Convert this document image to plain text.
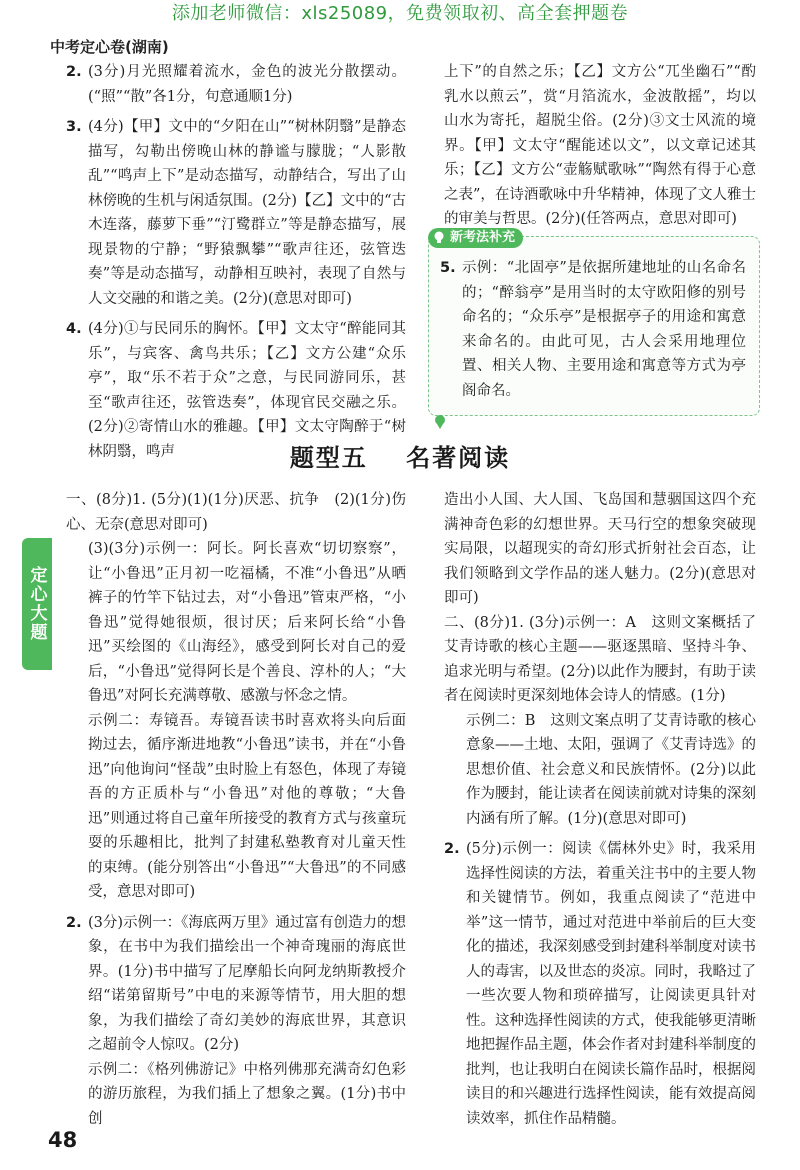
添加老师微信：xls25089，免费领取初、高全套押题卷
中考定心卷(湖南)
定心大题
2. (3分)月光照耀着流水，金色的波光分散摆动。(“照”“散”各1分，句意通顺1分)

3. (4分)【甲】文中的“夕阳在山”“树林阴翳”是静态描写，勾勒出傍晚山林的静谧与朦胧；“人影散乱”“鸣声上下”是动态描写，动静结合，写出了山林傍晚的生机与闲适氛围。(2分)【乙】文中的“古木连落，藤萝下垂”“汀鹭群立”等是静态描写，展现景物的宁静；“野猿飘攀”“歌声往还，弦管迭奏”等是动态描写，动静相互映衬，表现了自然与人文交融的和谐之美。(2分)(意思对即可)

4. (4分)①与民同乐的胸怀。【甲】文太守“醉能同其乐”，与宾客、禽鸟共乐；【乙】文方公建“众乐亭”，取“乐不若于众”之意，与民同游同乐，甚至“歌声往还，弦管迭奏”，体现官民交融之乐。(2分)②寄情山水的雅趣。【甲】文太守陶醉于“树林阴翳，鸣声

上下”的自然之乐；【乙】文方公“兀坐幽石”“酌乳水以煎云”，赏“月箔流水，金波散摇”，均以山水为寄托，超脱尘俗。(2分)③文士风流的境界。【甲】文太守“醒能述以文”，以文章记述其乐；【乙】文方公“壶觞赋歌咏”“陶然有得于心意之表”，在诗酒歌咏中升华精神，体现了文人雅士的审美与哲思。(2分)(任答两点，意思对即可)

新考法补充
5. 示例：“北固亭”是依据所建地址的山名命名的；“醉翁亭”是用当时的太守欧阳修的别号命名的；“众乐亭”是根据亭子的用途和寓意来命名的。由此可见，古人会采用地理位置、相关人物、主要用途和寓意等方式为亭阁命名。

题型五 名著阅读

一、(8分)1. (5分)(1)(1分)厌恶、抗争　(2)(1分)伤心、无奈(意思对即可)

(3)(3分)示例一：阿长。阿长喜欢“切切察察”，让“小鲁迅”正月初一吃福橘，不准“小鲁迅”从晒裤子的竹竿下钻过去，对“小鲁迅”管束严格，“小鲁迅”觉得她很烦，很讨厌；后来阿长给“小鲁迅”买绘图的《山海经》，感受到阿长对自己的爱后，“小鲁迅”觉得阿长是个善良、淳朴的人；“大鲁迅”对阿长充满尊敬、感激与怀念之情。

示例二：寿镜吾。寿镜吾读书时喜欢将头向后面拗过去，循序渐进地教“小鲁迅”读书，并在“小鲁迅”向他询问“怪哉”虫时脸上有怒色，体现了寿镜吾的方正质朴与“小鲁迅”对他的尊敬；“大鲁迅”则通过将自己童年所接受的教育方式与孩童玩耍的乐趣相比，批判了封建私塾教育对儿童天性的束缚。(能分别答出“小鲁迅”“大鲁迅”的不同感受，意思对即可)

2. (3分)示例一：《海底两万里》通过富有创造力的想象，在书中为我们描绘出一个神奇瑰丽的海底世界。(1分)书中描写了尼摩船长向阿龙纳斯教授介绍“诺第留斯号”中电的来源等情节，用大胆的想象，为我们描绘了奇幻美妙的海底世界，其意识之超前令人惊叹。(2分)

示例二：《格列佛游记》中格列佛那充满奇幻色彩的游历旅程，为我们插上了想象之翼。(1分)书中创

造出小人国、大人国、飞岛国和慧骃国这四个充满神奇色彩的幻想世界。天马行空的想象突破现实局限，以超现实的奇幻形式折射社会百态，让我们领略到文学作品的迷人魅力。(2分)(意思对即可)

二、(8分)1. (3分)示例一：A　这则文案概括了艾青诗歌的核心主题——驱逐黑暗、坚持斗争、追求光明与希望。(2分)以此作为腰封，有助于读者在阅读时更深刻地体会诗人的情感。(1分)

示例二：B　这则文案点明了艾青诗歌的核心意象——土地、太阳，强调了《艾青诗选》的思想价值、社会意义和民族情怀。(2分)以此作为腰封，能让读者在阅读前就对诗集的深刻内涵有所了解。(1分)(意思对即可)

2. (5分)示例一：阅读《儒林外史》时，我采用选择性阅读的方法，着重关注书中的主要人物和关键情节。例如，我重点阅读了“范进中举”这一情节，通过对范进中举前后的巨大变化的描述，我深刻感受到封建科举制度对读书人的毒害，以及世态的炎凉。同时，我略过了一些次要人物和琐碎描写，让阅读更具针对性。这种选择性阅读的方式，使我能够更清晰地把握作品主题，体会作者对封建科举制度的批判，也让我明白在阅读长篇作品时，根据阅读目的和兴趣进行选择性阅读，能有效提高阅读效率，抓住作品精髓。

48
